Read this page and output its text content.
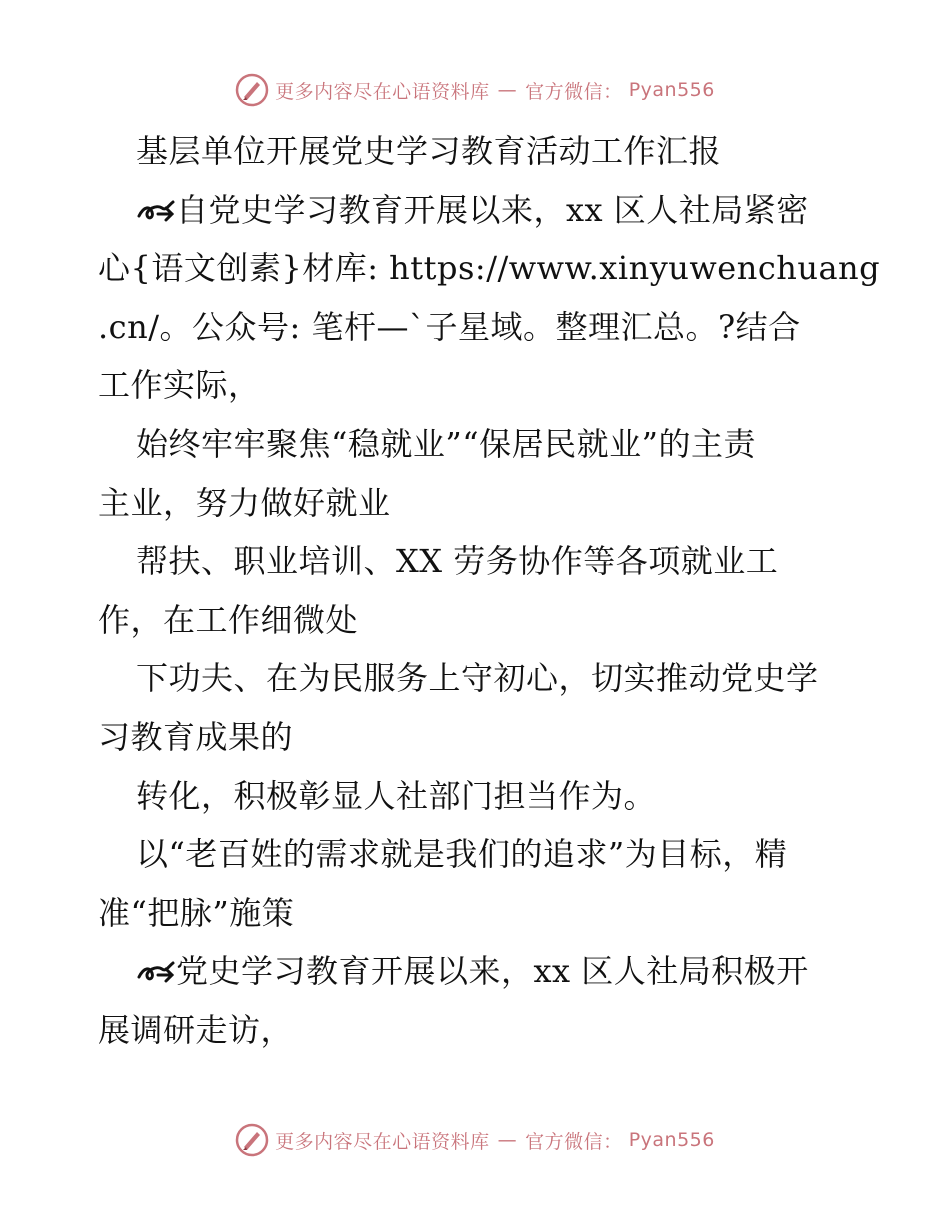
更多内容尽在心语资料库 — 官方微信： Pyan556
基层单位开展党史学习教育活动工作汇报
自党史学习教育开展以来，xx 区人社局紧密
心{语文创素}材库: https://www.xinyuwenchuang
.cn/。公众号: 笔杆—`子星域。整理汇总。?结合
工作实际，
始终牢牢聚焦“稳就业”“保居民就业”的主责
主业，努力做好就业
帮扶、职业培训、XX 劳务协作等各项就业工
作，在工作细微处
下功夫、在为民服务上守初心，切实推动党史学
习教育成果的
转化，积极彰显人社部门担当作为。
以“老百姓的需求就是我们的追求”为目标，精
准“把脉”施策
党史学习教育开展以来，xx 区人社局积极开
展调研走访，
更多内容尽在心语资料库 — 官方微信： Pyan556
